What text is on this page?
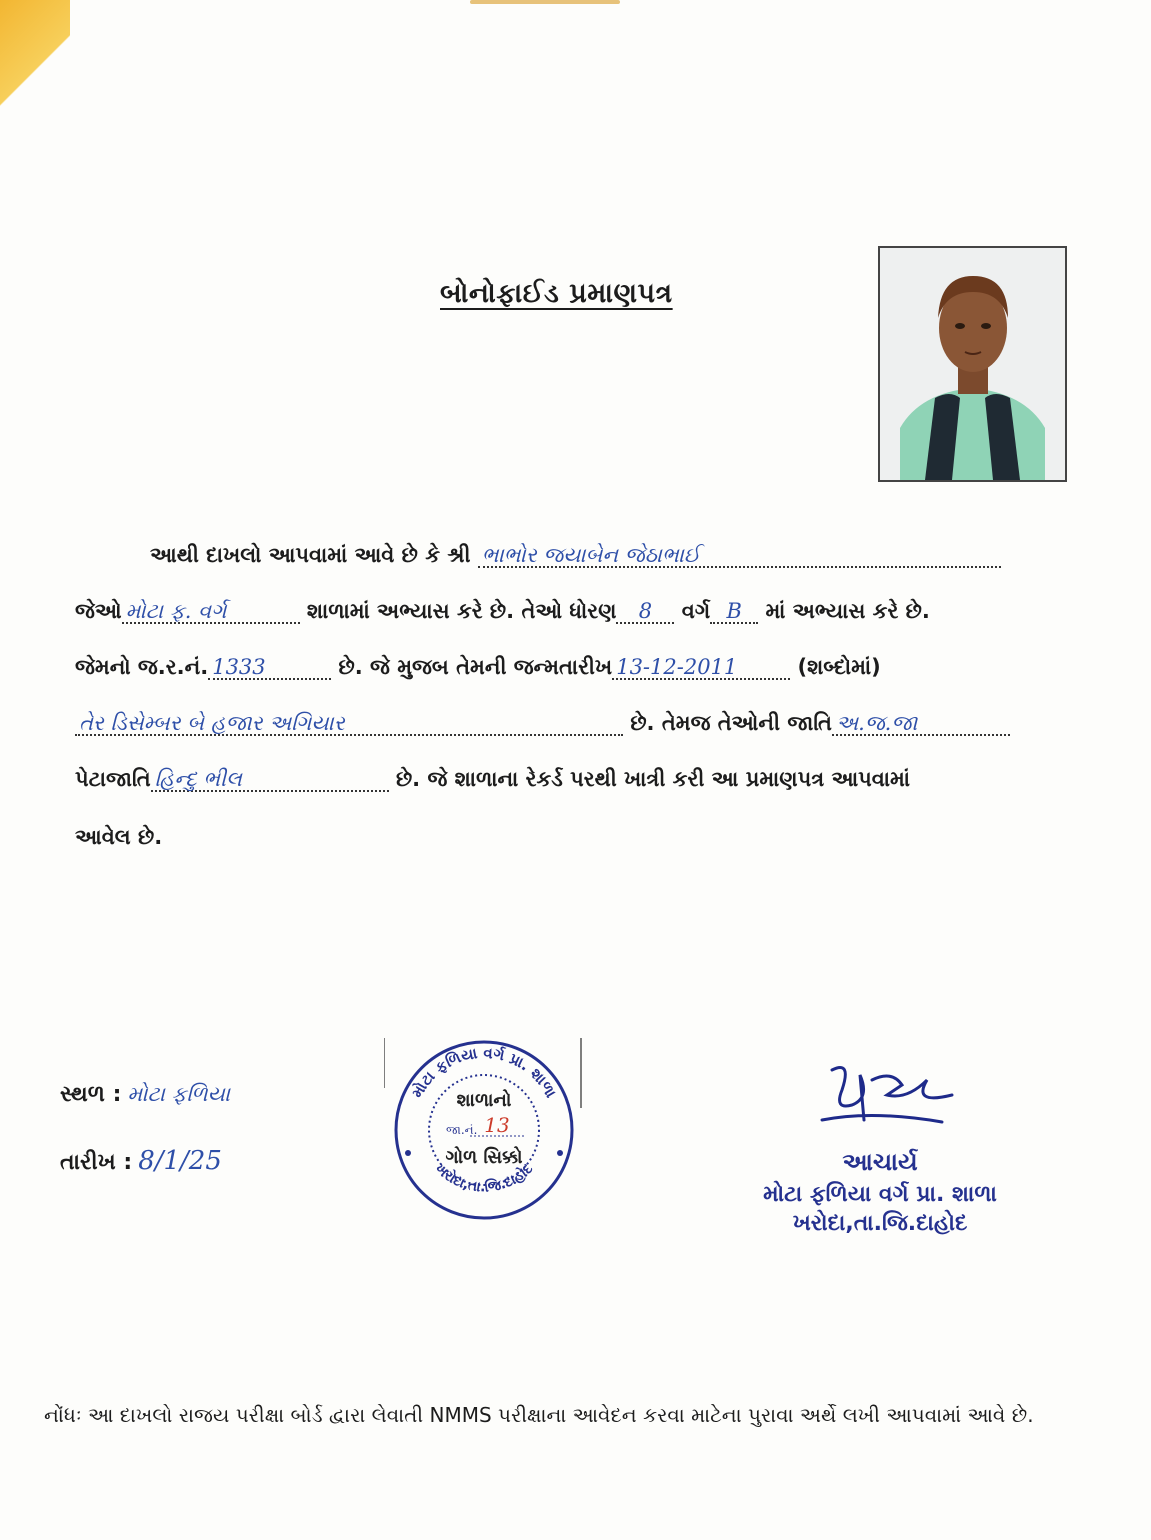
બોનોફાઈડ પ્રમાણપત્ર
આથી દાખલો આપવામાં આવે છે કે શ્રી ભાભોર જયાબેન જેઠાભાઈ
જેઓ મોટા ફ. વર્ગ	શાળામાં અભ્યાસ કરે છે. તેઓ ધોરણ 8 વર્ગ B માં અભ્યાસ કરે છે.
જેમનો જ.ર.નં. 1333	છે. જે મુજબ તેમની જન્મતારીખ 13-12-2011	(શબ્દોમાં)
તેર ડિસેમ્બર બે હજાર અગિયાર	છે. તેમજ તેઓની જાતિ અ.જ.જા
પેટાજાતિ હિન્દુ ભીલ	છે. જે શાળાના રેકર્ડ પરથી ખાત્રી કરી આ પ્રમાણપત્ર આપવામાં
આવેલ છે.
સ્થળ : મોટા ફળિયા
તારીખ : 8/1/25
મોટા ફળિયા વર્ગ પ્રા. શાળા
ખરોદા,તા.જિ.દાહોદ
શાળાનો
જા.નં. 13
ગોળ સિક્કો	આચાર્ય
મોટા ફળિયા વર્ગ પ્રા. શાળા
ખરોદા,તા.જિ.દાહોદ
નોંધઃ આ દાખલો રાજય પરીક્ષા બોર્ડ દ્વારા લેવાતી NMMS પરીક્ષાના આવેદન કરવા માટેના પુરાવા અર્થે લખી આપવામાં આવે છે.
